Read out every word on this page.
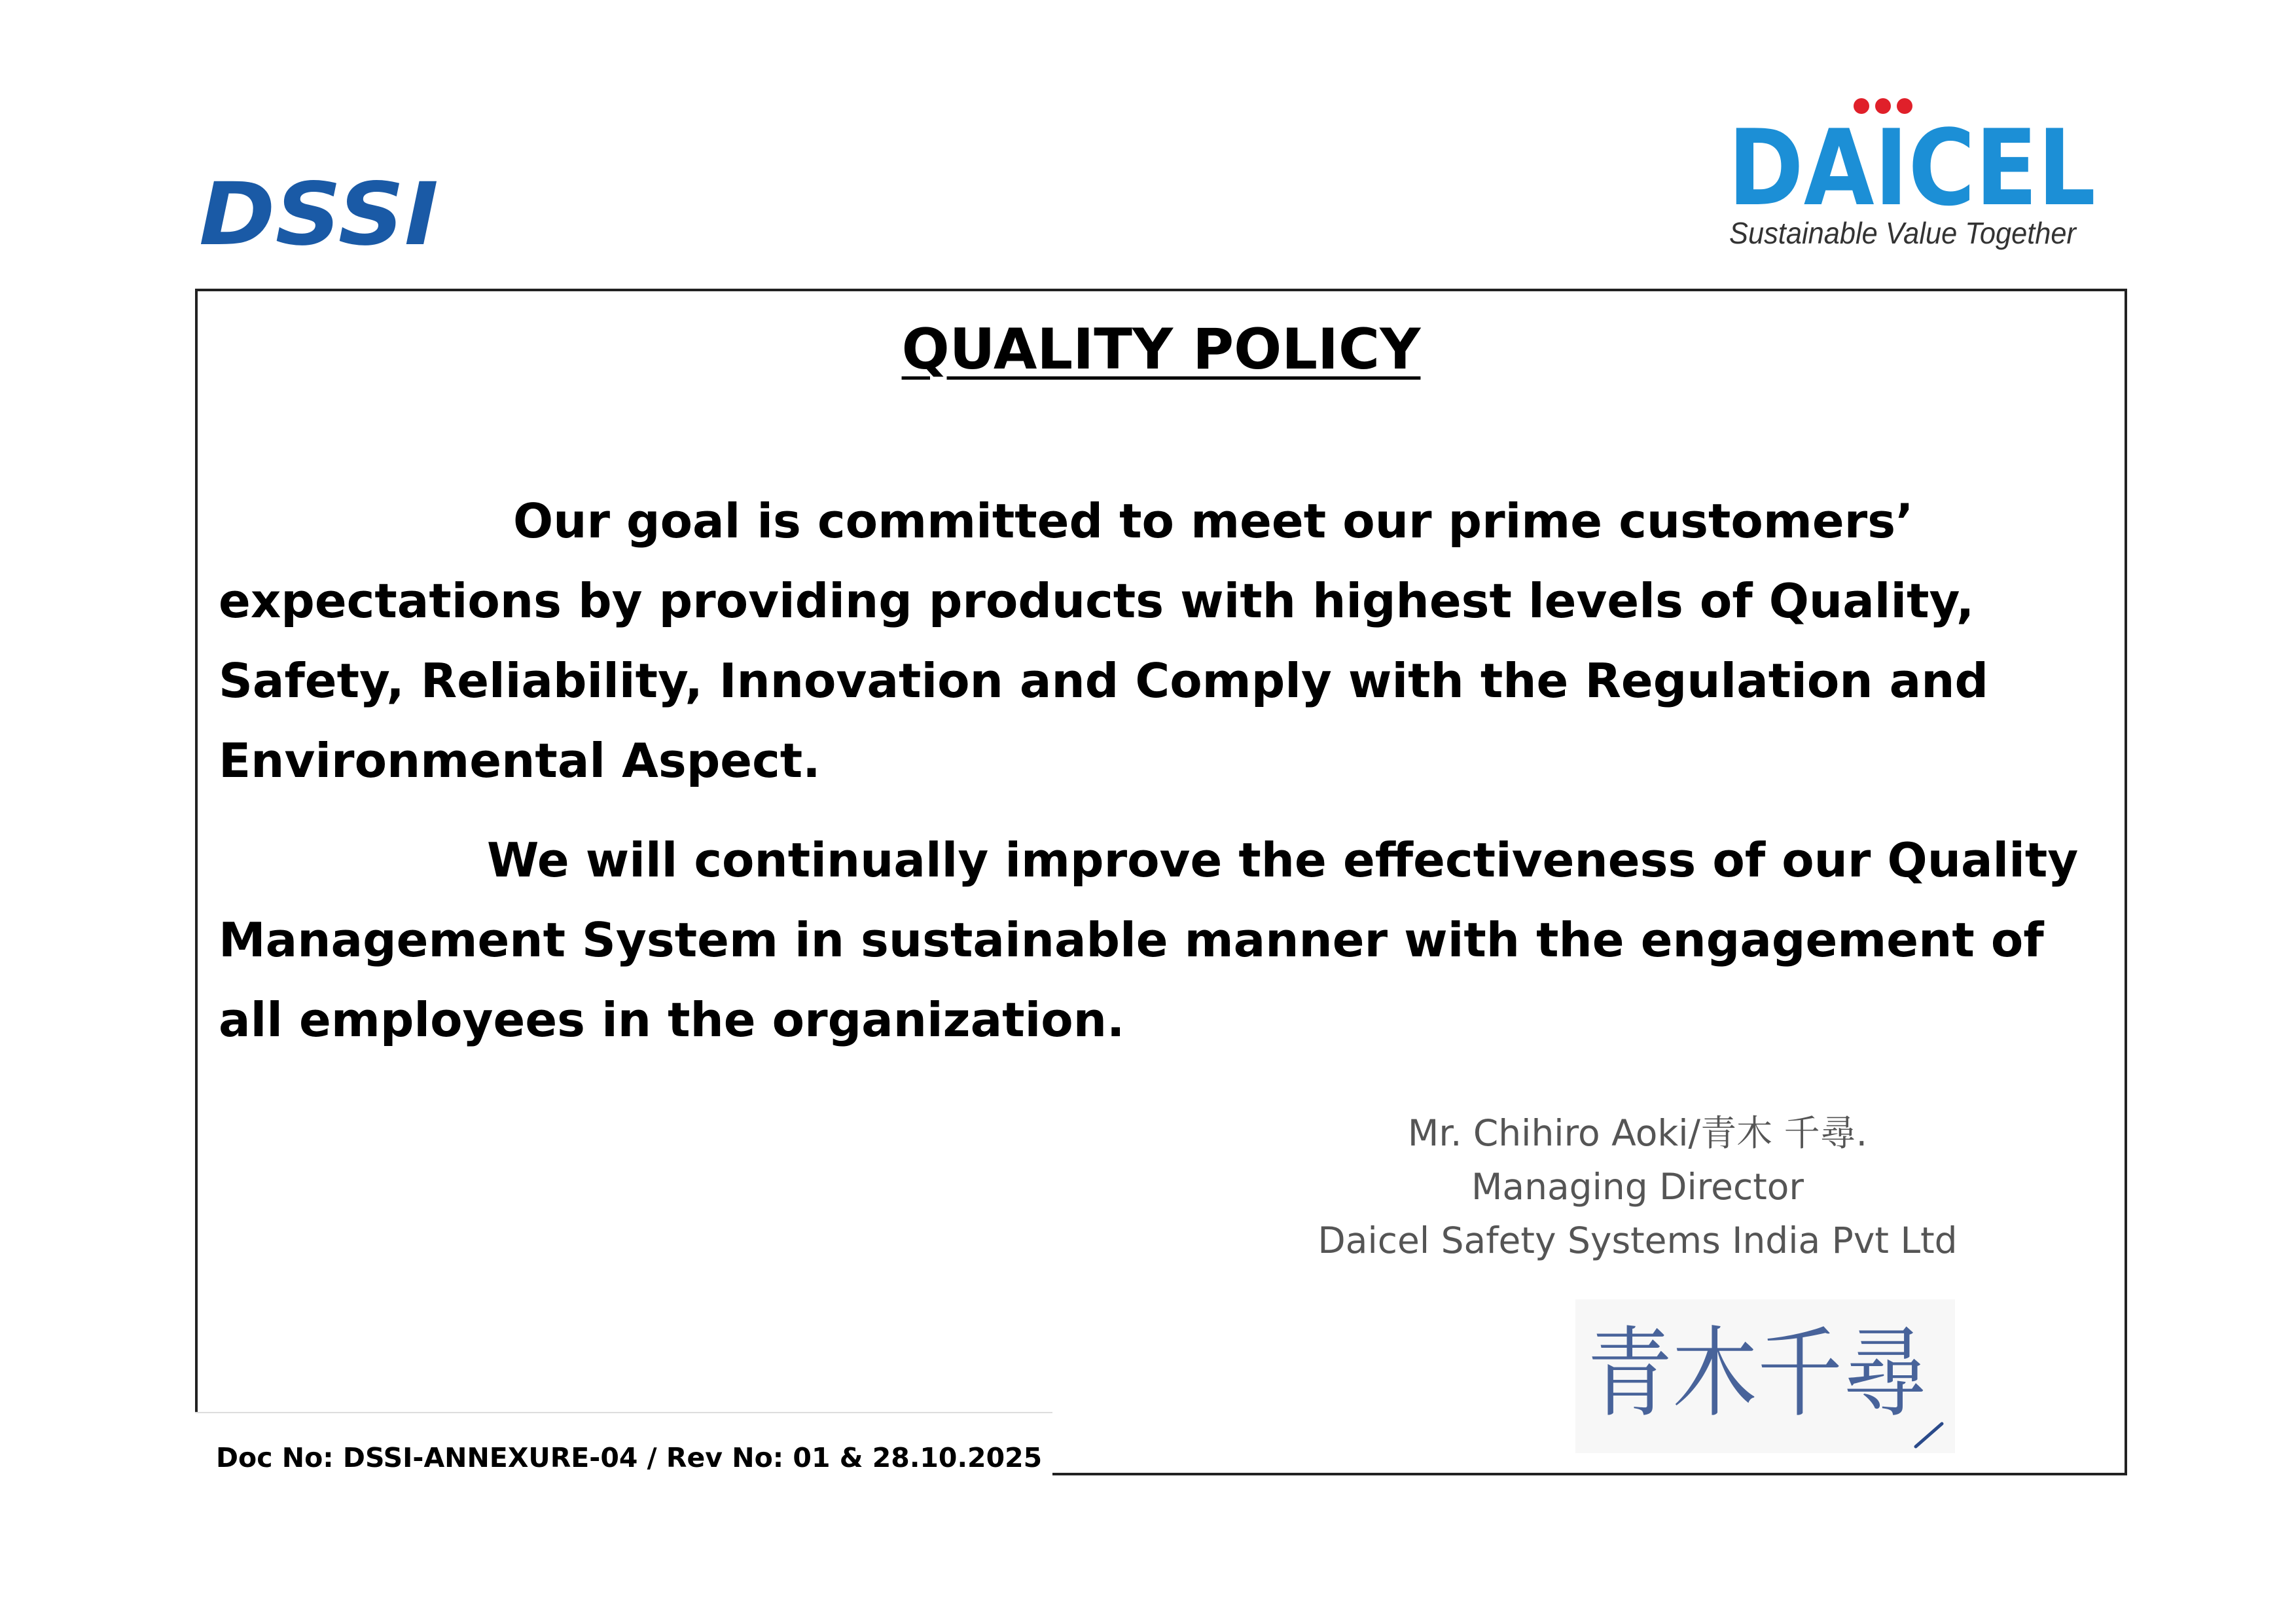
DSSI	DAICEL
Sustainable Value Together
QUALITY POLICY

Our goal is committed to meet our prime customers’ expectations by providing products with highest levels of Quality, Safety, Reliability, Innovation and Comply with the Regulation and Environmental Aspect.

We will continually improve the effectiveness of our Quality Management System in sustainable manner with the engagement of all employees in the organization.

Mr. Chihiro Aoki/青木 千尋.
Managing Director
Daicel Safety Systems India Pvt Ltd
青木千尋
Doc No: DSSI-ANNEXURE-04 / Rev No: 01 & 28.10.2025
